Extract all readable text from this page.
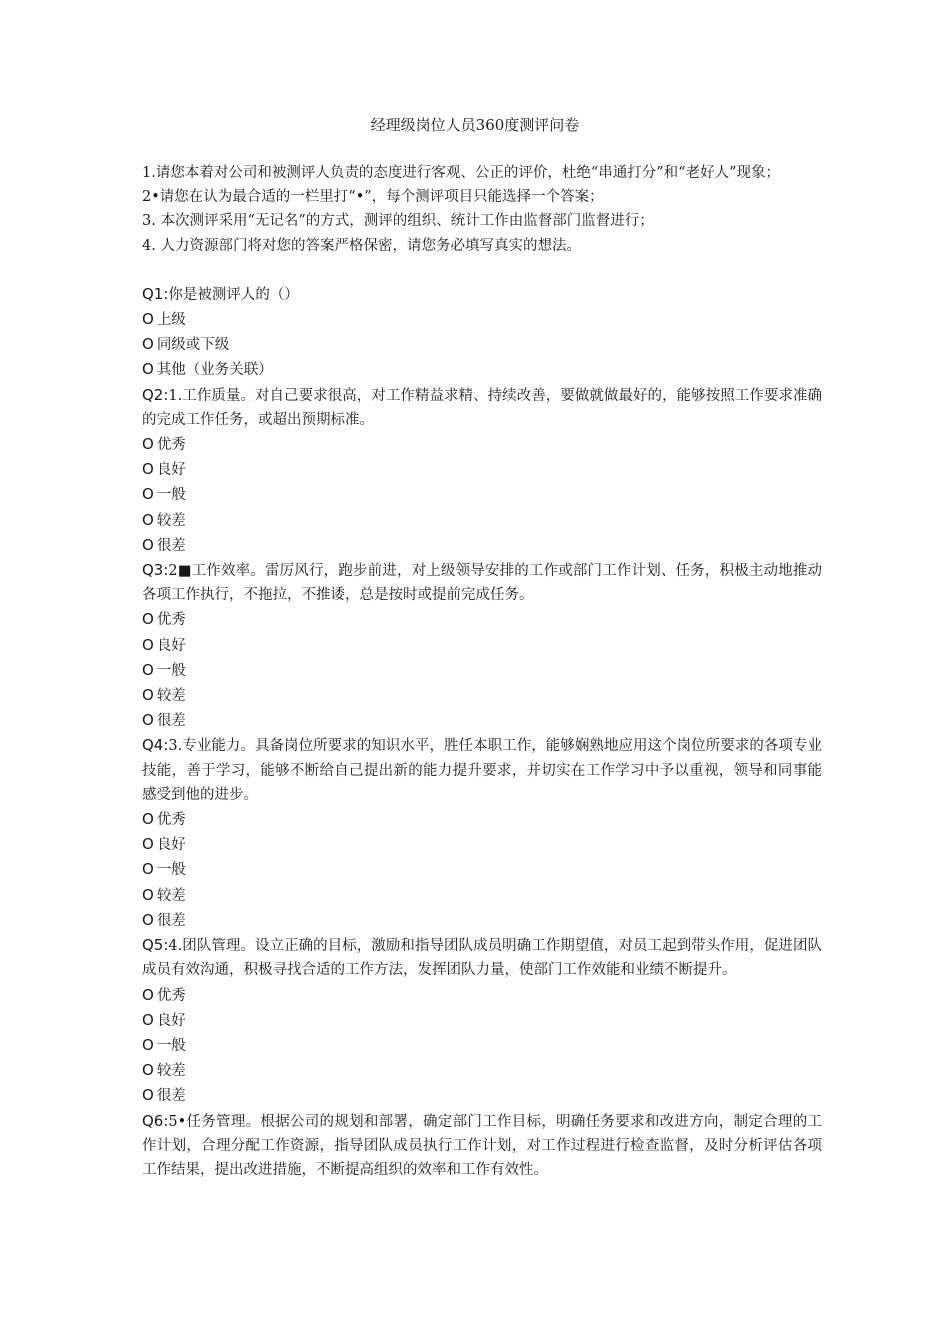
经理级岗位人员360度测评问卷

1.请您本着对公司和被测评人负责的态度进行客观、公正的评价，杜绝“串通打分”和“老好人”现象；

2•请您在认为最合适的一栏里打“•”，每个测评项目只能选择一个答案；

3. 本次测评采用“无记名”的方式，测评的组织、统计工作由监督部门监督进行；

4. 人力资源部门将对您的答案严格保密，请您务必填写真实的想法。

Q1:你是被测评人的（）

O 上级

O 同级或下级

O 其他（业务关联）

Q2:1.工作质量。对自己要求很高，对工作精益求精、持续改善，要做就做最好的，能够按照工作要求准确的完成工作任务，或超出预期标准。

O 优秀

O 良好

O 一般

O 较差

O 很差

Q3:2■工作效率。雷厉风行，跑步前进，对上级领导安排的工作或部门工作计划、任务，积极主动地推动各项工作执行，不拖拉，不推诿，总是按时或提前完成任务。

O 优秀

O 良好

O 一般

O 较差

O 很差

Q4:3.专业能力。具备岗位所要求的知识水平，胜任本职工作，能够娴熟地应用这个岗位所要求的各项专业技能，善于学习，能够不断给自己提出新的能力提升要求，并切实在工作学习中予以重视，领导和同事能感受到他的进步。

O 优秀

O 良好

O 一般

O 较差

O 很差

Q5:4.团队管理。设立正确的目标，激励和指导团队成员明确工作期望值，对员工起到带头作用，促进团队成员有效沟通，积极寻找合适的工作方法，发挥团队力量，使部门工作效能和业绩不断提升。

O 优秀

O 良好

O 一般

O 较差

O 很差

Q6:5•任务管理。根据公司的规划和部署，确定部门工作目标，明确任务要求和改进方向，制定合理的工作计划，合理分配工作资源，指导团队成员执行工作计划，对工作过程进行检查监督，及时分析评估各项工作结果，提出改进措施，不断提高组织的效率和工作有效性。
